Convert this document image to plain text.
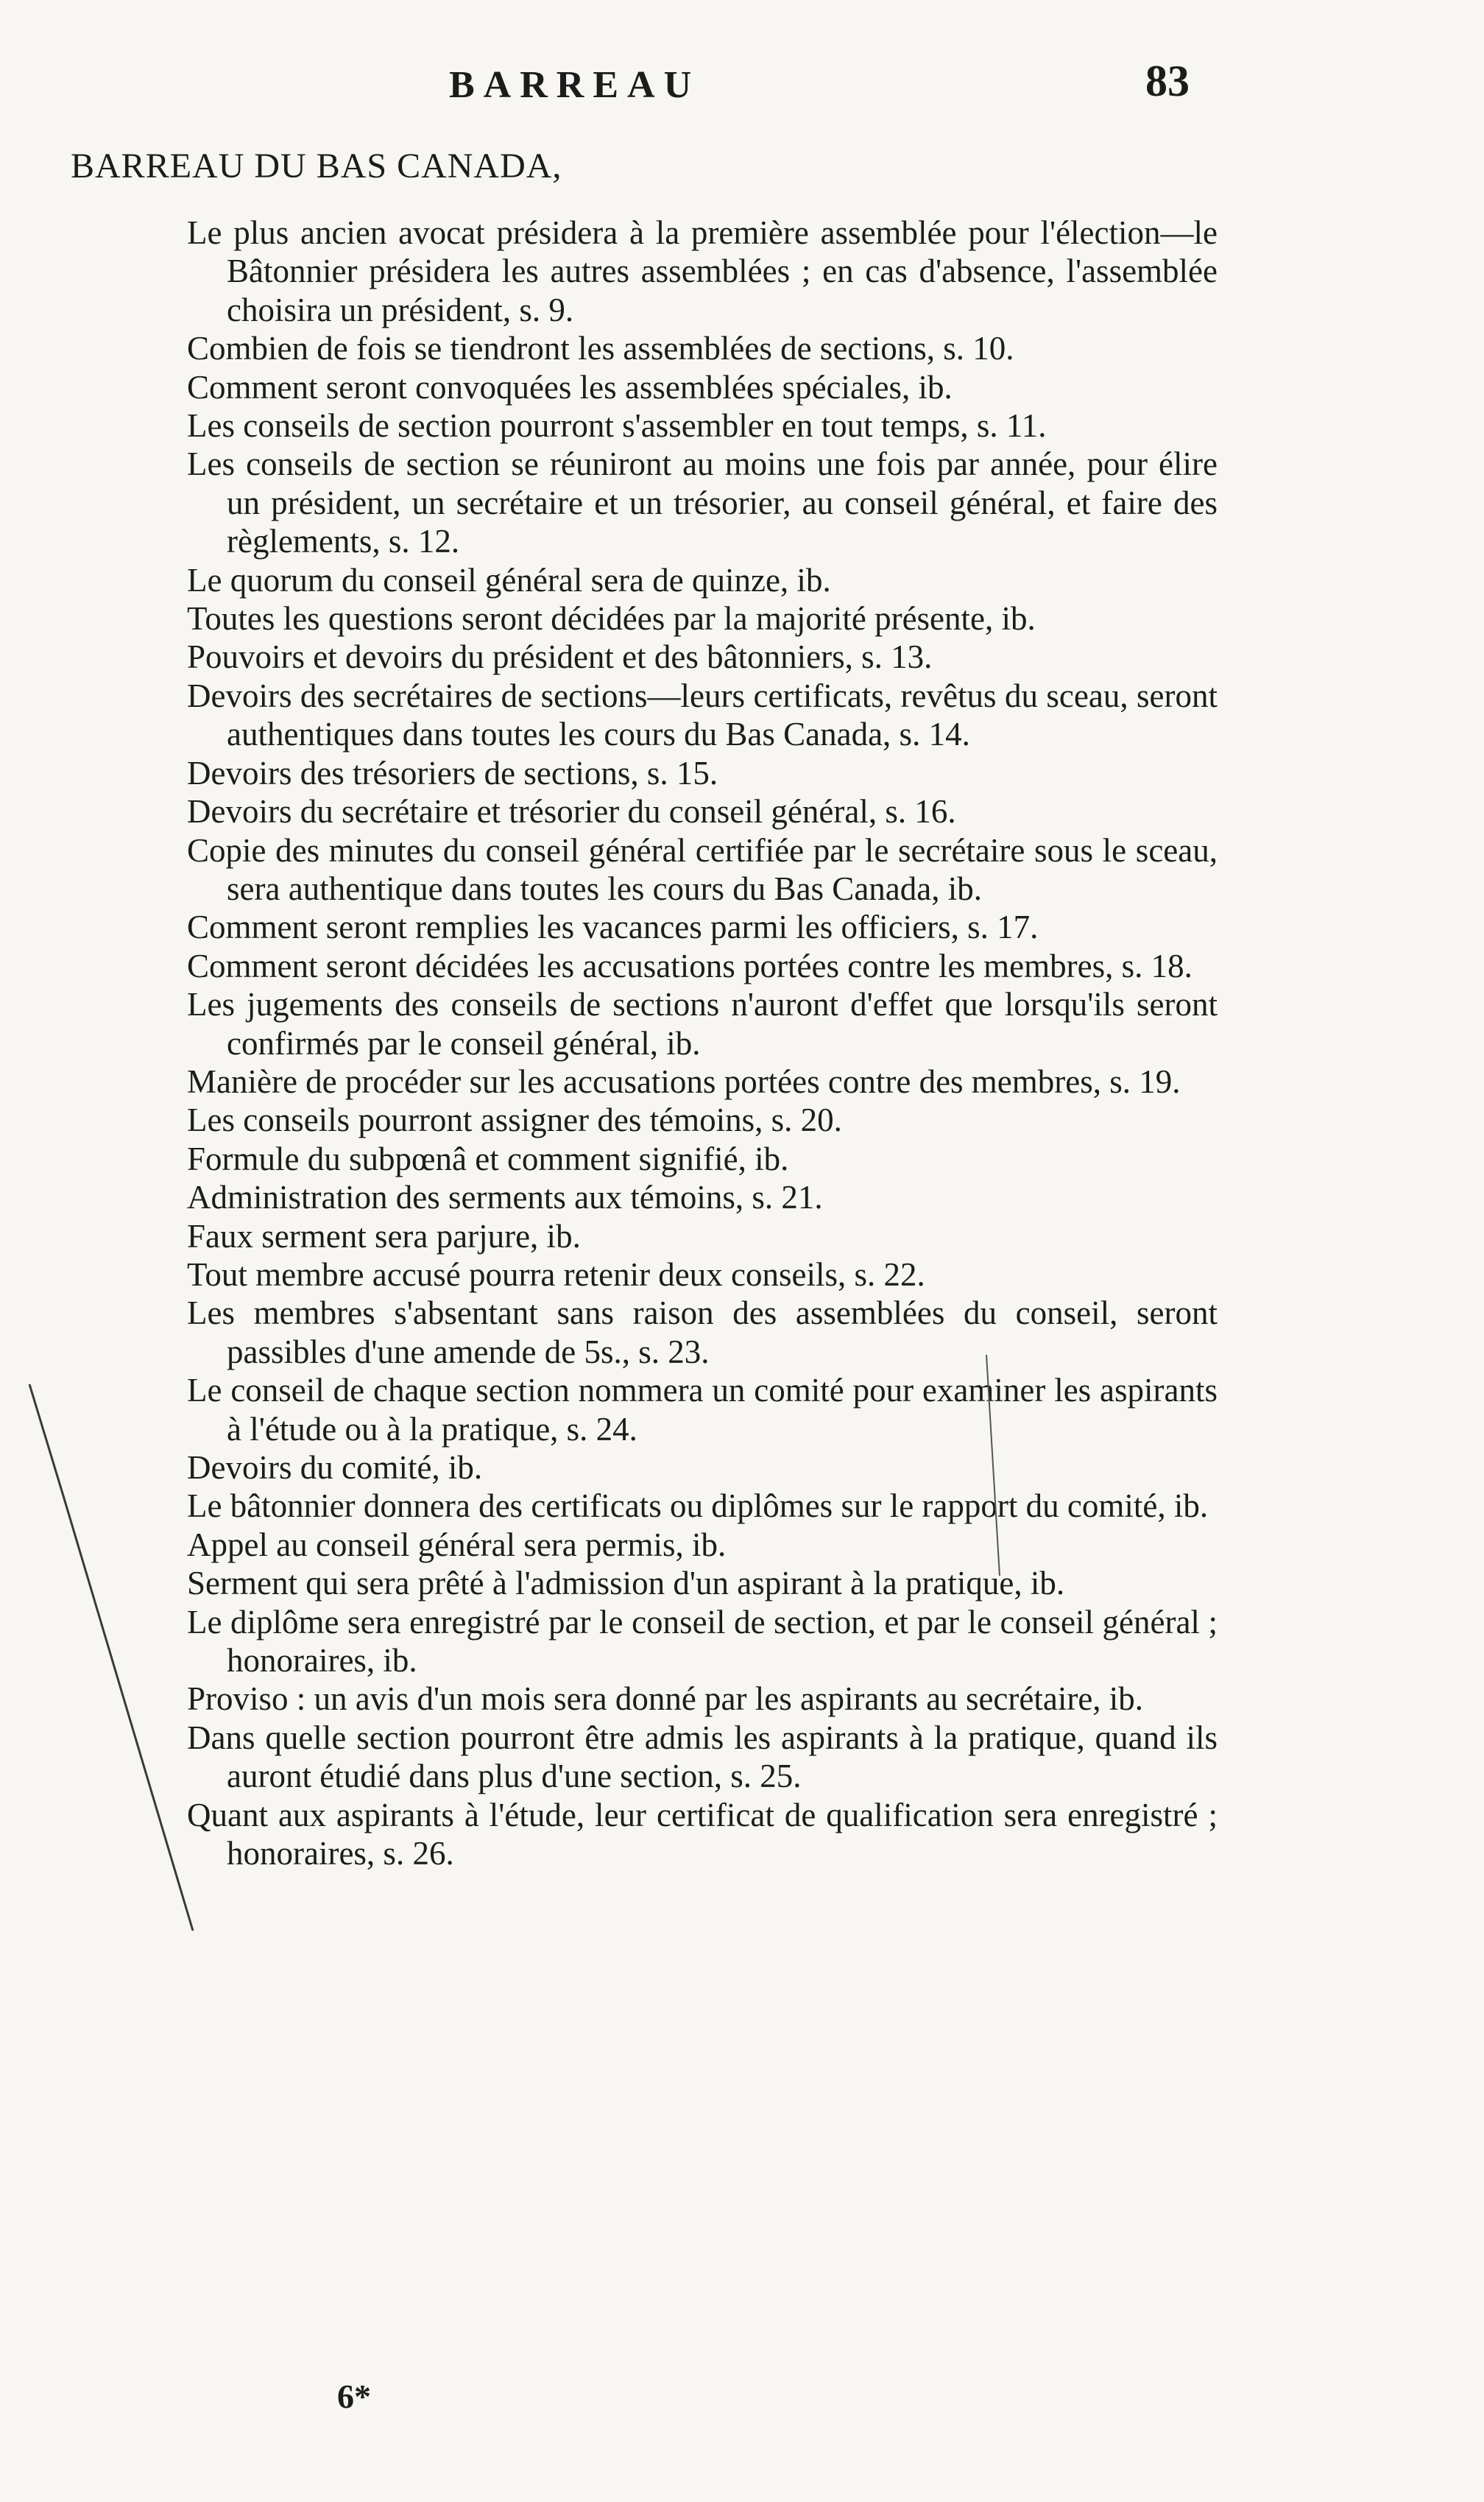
BARREAU	83
BARREAU DU BAS CANADA,
Le plus ancien avocat présidera à la première assemblée pour l'élection—le Bâtonnier présidera les autres assemblées ; en cas d'absence, l'assemblée choisira un président, s. 9.
Combien de fois se tiendront les assemblées de sections, s. 10.
Comment seront convoquées les assemblées spéciales, ib.
Les conseils de section pourront s'assembler en tout temps, s. 11.
Les conseils de section se réuniront au moins une fois par année, pour élire un président, un secrétaire et un trésorier, au conseil général, et faire des règlements, s. 12.
Le quorum du conseil général sera de quinze, ib.
Toutes les questions seront décidées par la majorité présente, ib.
Pouvoirs et devoirs du président et des bâtonniers, s. 13.
Devoirs des secrétaires de sections—leurs certificats, revêtus du sceau, seront authentiques dans toutes les cours du Bas Canada, s. 14.
Devoirs des trésoriers de sections, s. 15.
Devoirs du secrétaire et trésorier du conseil général, s. 16.
Copie des minutes du conseil général certifiée par le secrétaire sous le sceau, sera authentique dans toutes les cours du Bas Canada, ib.
Comment seront remplies les vacances parmi les officiers, s. 17.
Comment seront décidées les accusations portées contre les membres, s. 18.
Les jugements des conseils de sections n'auront d'effet que lorsqu'ils seront confirmés par le conseil général, ib.
Manière de procéder sur les accusations portées contre des membres, s. 19.
Les conseils pourront assigner des témoins, s. 20.
Formule du subpœnâ et comment signifié, ib.
Administration des serments aux témoins, s. 21.
Faux serment sera parjure, ib.
Tout membre accusé pourra retenir deux conseils, s. 22.
Les membres s'absentant sans raison des assemblées du conseil, seront passibles d'une amende de 5s., s. 23.
Le conseil de chaque section nommera un comité pour examiner les aspirants à l'étude ou à la pratique, s. 24.
Devoirs du comité, ib.
Le bâtonnier donnera des certificats ou diplômes sur le rapport du comité, ib.
Appel au conseil général sera permis, ib.
Serment qui sera prêté à l'admission d'un aspirant à la pratique, ib.
Le diplôme sera enregistré par le conseil de section, et par le conseil général ; honoraires, ib.
Proviso : un avis d'un mois sera donné par les aspirants au secrétaire, ib.
Dans quelle section pourront être admis les aspirants à la pratique, quand ils auront étudié dans plus d'une section, s. 25.
Quant aux aspirants à l'étude, leur certificat de qualification sera enregistré ; honoraires, s. 26.
6*
